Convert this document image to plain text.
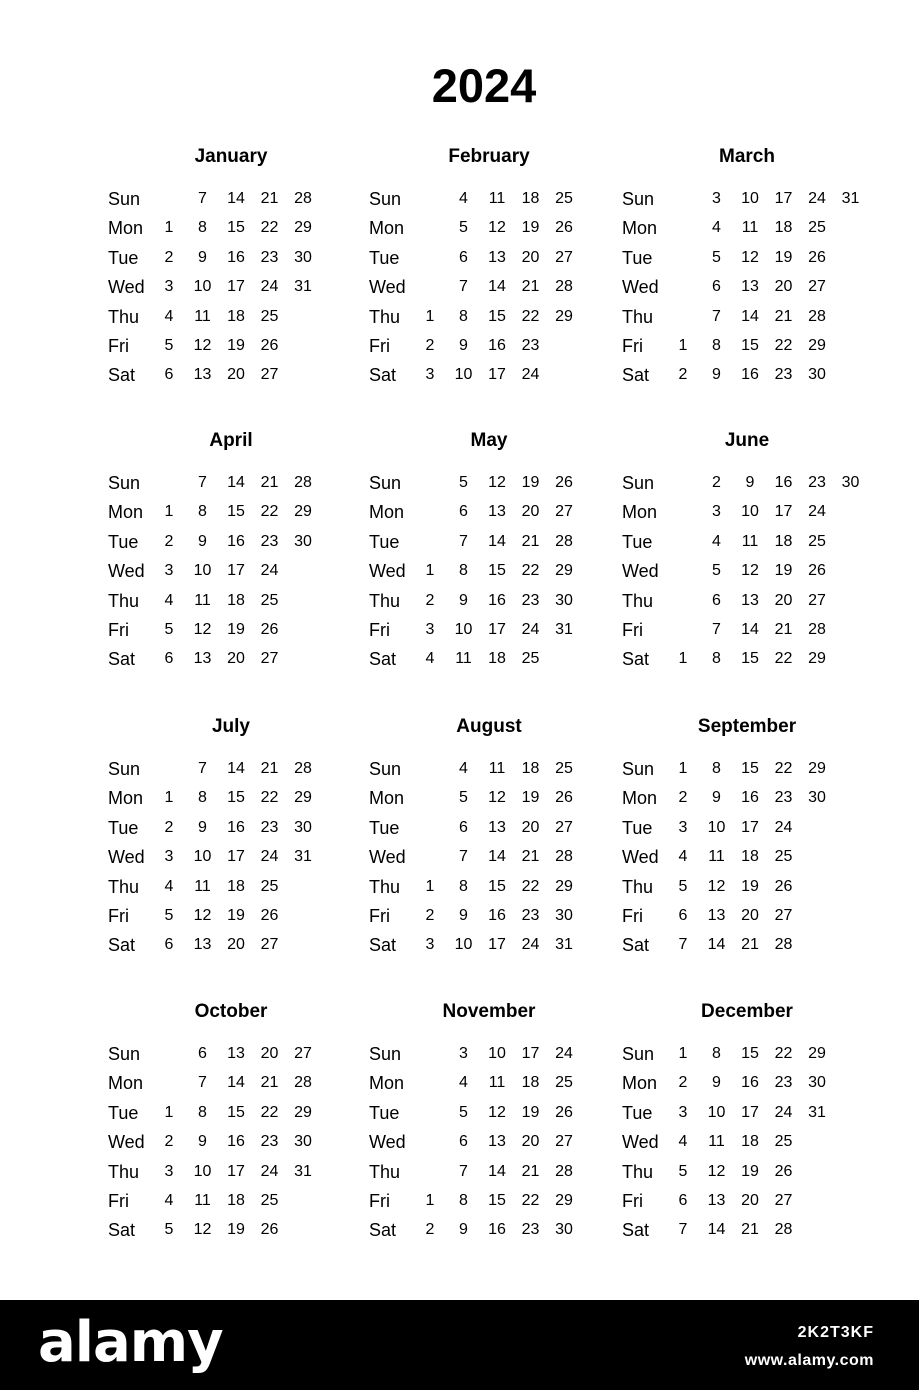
2024
January
Sun
Mon
Tue
Wed
Thu
Fri
Sat
1
2
3
4
5
6
7
8
9
10
11
12
13
14
15
16
17
18
19
20
21
22
23
24
25
26
27
28
29
30
31
February
Sun
Mon
Tue
Wed
Thu
Fri
Sat
1
2
3
4
5
6
7
8
9
10
11
12
13
14
15
16
17
18
19
20
21
22
23
24
25
26
27
28
29
March
Sun
Mon
Tue
Wed
Thu
Fri
Sat
1
2
3
4
5
6
7
8
9
10
11
12
13
14
15
16
17
18
19
20
21
22
23
24
25
26
27
28
29
30
31
April
Sun
Mon
Tue
Wed
Thu
Fri
Sat
1
2
3
4
5
6
7
8
9
10
11
12
13
14
15
16
17
18
19
20
21
22
23
24
25
26
27
28
29
30
May
Sun
Mon
Tue
Wed
Thu
Fri
Sat
1
2
3
4
5
6
7
8
9
10
11
12
13
14
15
16
17
18
19
20
21
22
23
24
25
26
27
28
29
30
31
June
Sun
Mon
Tue
Wed
Thu
Fri
Sat	1
2
3
4
5
6
7
8
9
10
11
12
13
14
15
16
17
18
19
20
21
22
23
24
25
26
27
28
29
30
July
Sun
Mon
Tue
Wed
Thu
Fri
Sat
1
2
3
4
5
6
7
8
9
10
11
12
13
14
15
16
17
18
19
20
21
22
23
24
25
26
27
28
29
30
31
August
Sun
Mon
Tue
Wed
Thu
Fri
Sat
1
2
3
4
5
6
7
8
9
10
11
12
13
14
15
16
17
18
19
20
21
22
23
24
25
26
27
28
29
30
31
September
Sun
Mon
Tue
Wed
Thu
Fri
Sat
1
2
3
4
5
6
7
8
9
10
11
12
13
14
15
16
17
18
19
20
21
22
23
24
25
26
27
28
29
30
October
Sun
Mon
Tue
Wed
Thu
Fri
Sat
1
2
3
4
5
6
7
8
9
10
11
12
13
14
15
16
17
18
19
20
21
22
23
24
25
26
27
28
29
30
31
November
Sun
Mon
Tue
Wed
Thu
Fri
Sat
1
2
3
4
5
6
7
8
9
10
11
12
13
14
15
16
17
18
19
20
21
22
23
24
25
26
27
28
29
30
December
Sun
Mon
Tue
Wed
Thu
Fri
Sat
1
2
3
4
5
6
7
8
9
10
11
12
13
14
15
16
17
18
19
20
21
22
23
24
25
26
27
28
29
30
31
alamy	2K2T3KF
www.alamy.com
